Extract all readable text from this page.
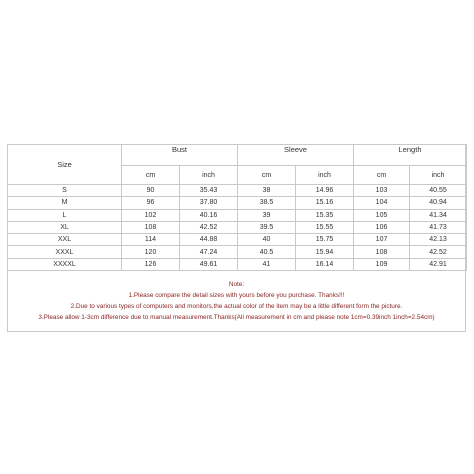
Size	Bust		Sleeve		Length	
	cm	inch	cm	inch	cm	inch
S	90	35.43	38	14.96	103	40.55
M	96	37.80	38.5	15.16	104	40.94
L	102	40.16	39	15.35	105	41.34
XL	108	42.52	39.5	15.55	106	41.73
XXL	114	44.88	40	15.75	107	42.13
XXXL	120	47.24	40.5	15.94	108	42.52
XXXXL	126	49.61	41	16.14	109	42.91
Note:
1.Please compare the detail sizes with yours before you purchase. Thanks!!!
2.Due to various types of computers and monitors,the actual color of the item may be a little different form the picture.
3.Please allow 1-3cm difference due to manual measurement.Thanks(All measurement in cm and please note 1cm=0.39inch 1inch=2.54cm)
